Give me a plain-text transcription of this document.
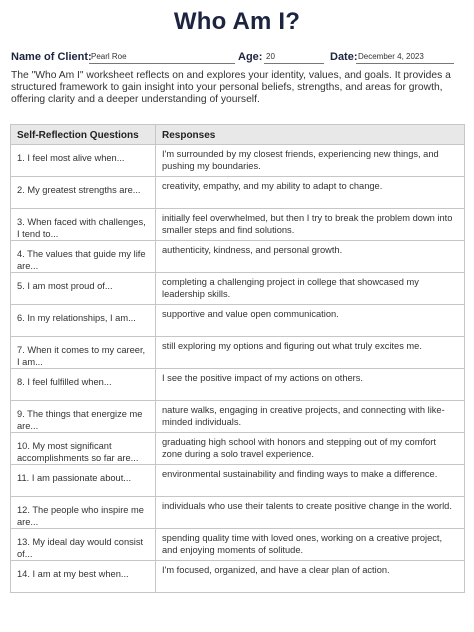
Who Am I?
Name of Client: Pearl Roe	Age: 20	Date: December 4, 2023
The "Who Am I" worksheet reflects on and explores your identity, values, and goals. It provides a structured framework to gain insight into your personal beliefs, strengths, and areas for growth, offering clarity and a deeper understanding of yourself.
Self-Reflection Questions	Responses
1. I feel most alive when...	I'm surrounded by my closest friends, experiencing new things, and pushing my boundaries.
2. My greatest strengths are...	creativity, empathy, and my ability to adapt to change.
3. When faced with challenges, I tend to...	initially feel overwhelmed, but then I try to break the problem down into smaller steps and find solutions.
4. The values that guide my life are...	authenticity, kindness, and personal growth.
5. I am most proud of...	completing a challenging project in college that showcased my leadership skills.
6. In my relationships, I am...	supportive and value open communication.
7. When it comes to my career, I am...	still exploring my options and figuring out what truly excites me.
8. I feel fulfilled when...	I see the positive impact of my actions on others.
9. The things that energize me are...	nature walks, engaging in creative projects, and connecting with like-minded individuals.
10. My most significant accomplishments so far are...	graduating high school with honors and stepping out of my comfort zone during a solo travel experience.
11. I am passionate about...	environmental sustainability and finding ways to make a difference.
12. The people who inspire me are...	individuals who use their talents to create positive change in the world.
13. My ideal day would consist of...	spending quality time with loved ones, working on a creative project, and enjoying moments of solitude.
14. I am at my best when...	I'm focused, organized, and have a clear plan of action.
